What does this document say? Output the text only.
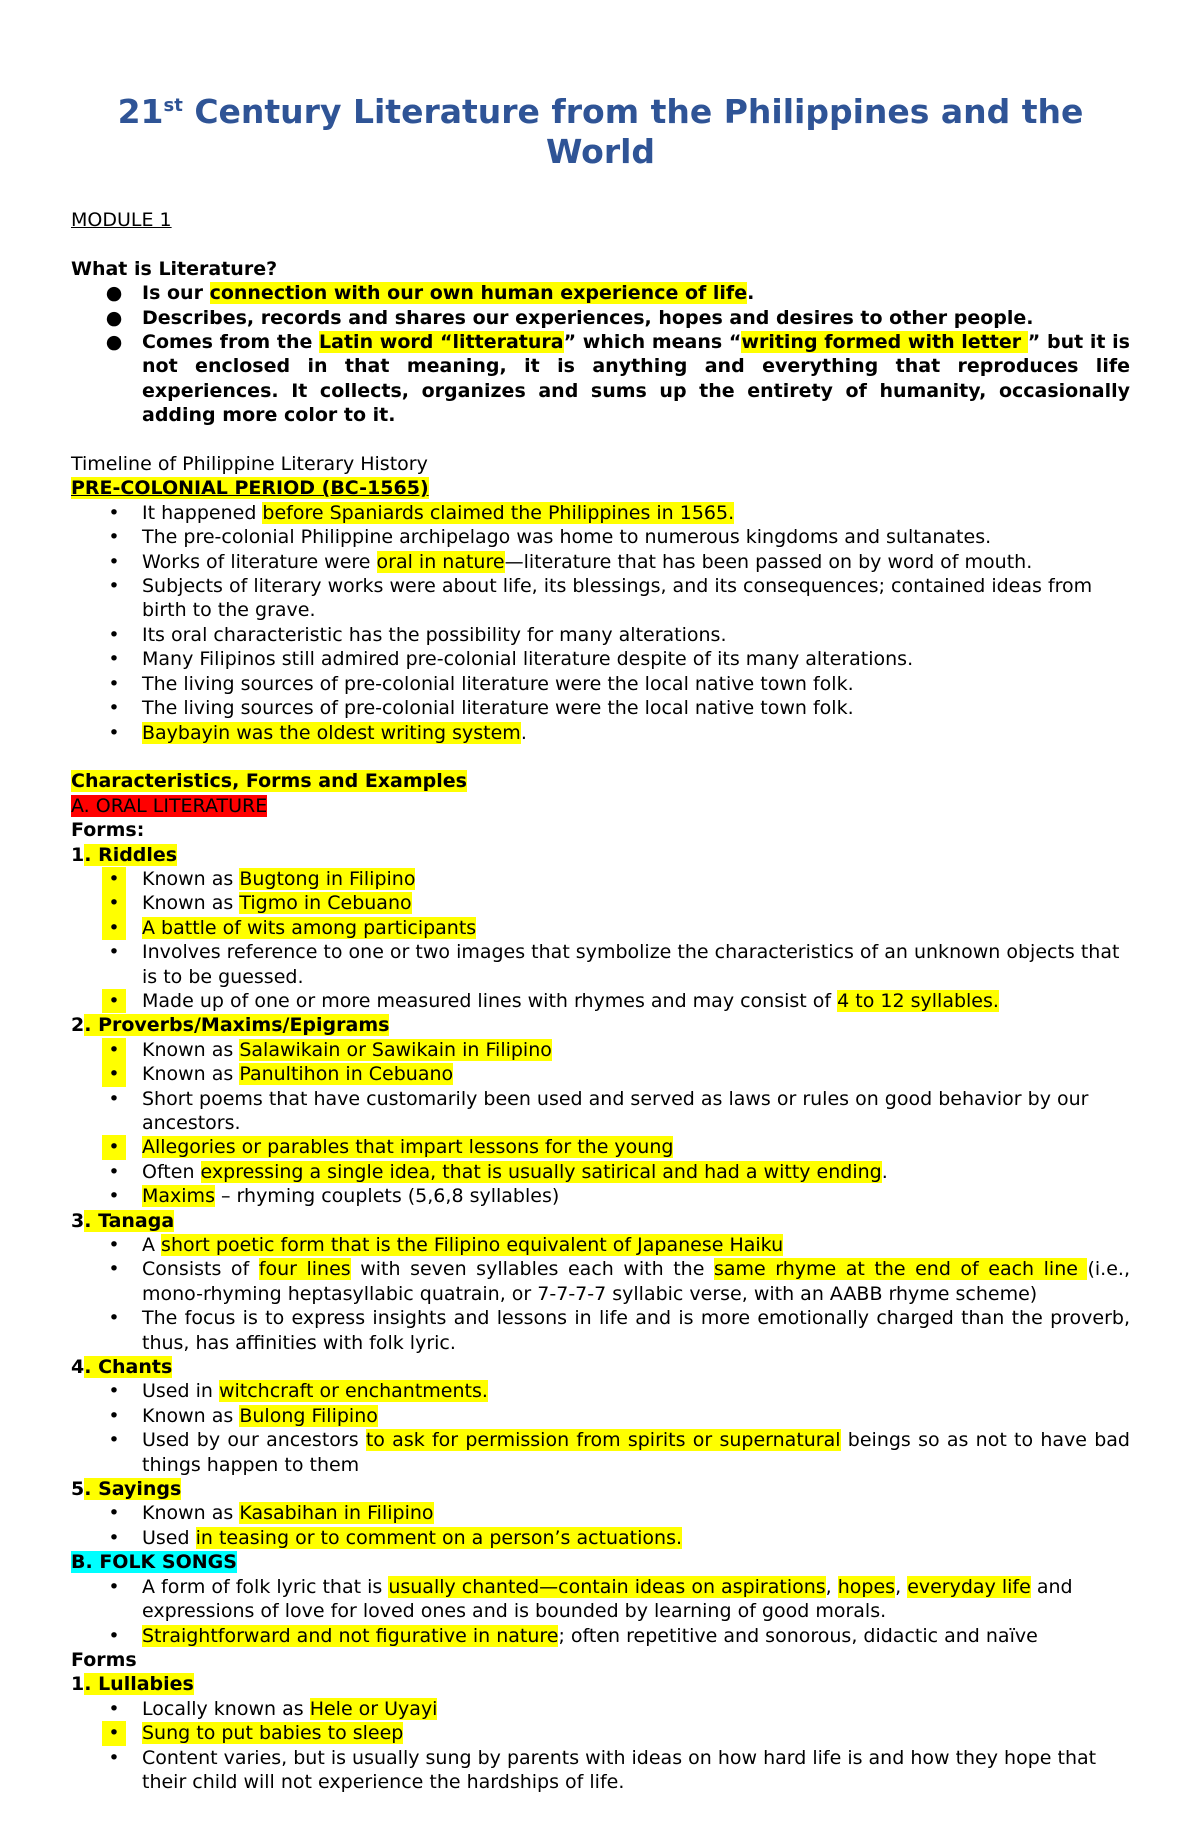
21st Century Literature from the Philippines and the World
MODULE 1
What is Literature?
● Is our connection with our own human experience of life.
● Describes, records and shares our experiences, hopes and desires to other people.
● Comes from the Latin word “litteratura” which means “writing formed with letter ” but it is not enclosed in that meaning, it is anything and everything that reproduces life experiences. It collects, organizes and sums up the entirety of humanity, occasionally adding more color to it.
Timeline of Philippine Literary History
PRE-COLONIAL PERIOD (BC-1565)
• It happened before Spaniards claimed the Philippines in 1565.
• The pre-colonial Philippine archipelago was home to numerous kingdoms and sultanates.
• Works of literature were oral in nature—literature that has been passed on by word of mouth.
• Subjects of literary works were about life, its blessings, and its consequences; contained ideas from birth to the grave.
• Its oral characteristic has the possibility for many alterations.
• Many Filipinos still admired pre-colonial literature despite of its many alterations.
• The living sources of pre-colonial literature were the local native town folk.
• The living sources of pre-colonial literature were the local native town folk.
• Baybayin was the oldest writing system.
Characteristics, Forms and Examples
A. ORAL LITERATURE
Forms:
1. Riddles
•	Known as Bugtong in Filipino
•	Known as Tigmo in Cebuano
•	A battle of wits among participants
• Involves reference to one or two images that symbolize the characteristics of an unknown objects that is to be guessed.
•	Made up of one or more measured lines with rhymes and may consist of 4 to 12 syllables.
2. Proverbs/Maxims/Epigrams
•	Known as Salawikain or Sawikain in Filipino
•	Known as Panultihon in Cebuano
• Short poems that have customarily been used and served as laws or rules on good behavior by our ancestors.
•	Allegories or parables that impart lessons for the young
• Often expressing a single idea, that is usually satirical and had a witty ending.
• Maxims – rhyming couplets (5,6,8 syllables)
3. Tanaga
• A short poetic form that is the Filipino equivalent of Japanese Haiku
• Consists of four lines with seven syllables each with the same rhyme at the end of each line (i.e., mono-rhyming heptasyllabic quatrain, or 7-7-7-7 syllabic verse, with an AABB rhyme scheme)
• The focus is to express insights and lessons in life and is more emotionally charged than the proverb, thus, has affinities with folk lyric.
4. Chants
• Used in witchcraft or enchantments.
• Known as Bulong Filipino
• Used by our ancestors to ask for permission from spirits or supernatural beings so as not to have bad things happen to them
5. Sayings
• Known as Kasabihan in Filipino
• Used in teasing or to comment on a person’s actuations.
B. FOLK SONGS
• A form of folk lyric that is usually chanted—contain ideas on aspirations, hopes, everyday life and expressions of love for loved ones and is bounded by learning of good morals.
• Straightforward and not figurative in nature; often repetitive and sonorous, didactic and naïve
Forms
1. Lullabies
• Locally known as Hele or Uyayi
•	Sung to put babies to sleep
• Content varies, but is usually sung by parents with ideas on how hard life is and how they hope that their child will not experience the hardships of life.
